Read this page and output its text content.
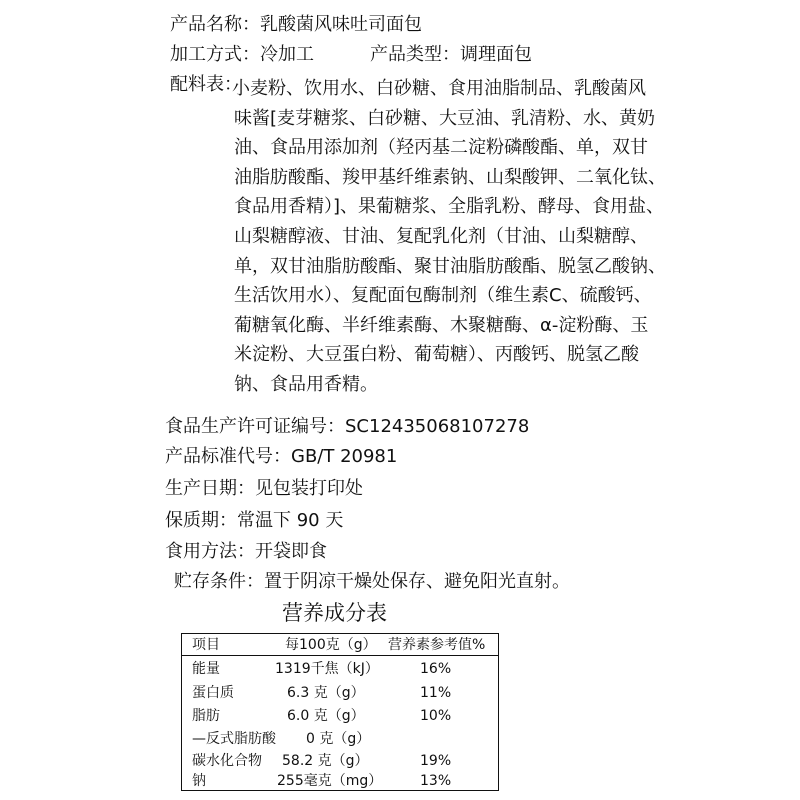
产品名称：乳酸菌风味吐司面包
加工方式：冷加工	产品类型：调理面包
配料表：
小麦粉、饮用水、白砂糖、食用油脂制品、乳酸菌风
味酱[麦芽糖浆、白砂糖、大豆油、乳清粉、水、黄奶
油、食品用添加剂（羟丙基二淀粉磷酸酯、单，双甘
油脂肪酸酯、羧甲基纤维素钠、山梨酸钾、二氧化钛、
食品用香精）]、果葡糖浆、全脂乳粉、酵母、食用盐、
山梨糖醇液、甘油、复配乳化剂（甘油、山梨糖醇、
单，双甘油脂肪酸酯、聚甘油脂肪酸酯、脱氢乙酸钠、
生活饮用水）、复配面包酶制剂（维生素C、硫酸钙、
葡糖氧化酶、半纤维素酶、木聚糖酶、α-淀粉酶、玉
米淀粉、大豆蛋白粉、葡萄糖）、丙酸钙、脱氢乙酸
钠、食品用香精。
食品生产许可证编号：SC12435068107278
产品标准代号：GB/T 20981
生产日期：见包装打印处
保质期：常温下 90 天
食用方法：开袋即食
贮存条件：置于阴凉干燥处保存、避免阳光直射。
营养成分表
项目	每100克（g） 营养素参考值%
能量	1319千焦（kJ）	16%
蛋白质	6.3 克（g）	11%
脂肪	6.0 克（g）	10%
—反式脂肪酸 0 克（g）
碳水化合物 58.2 克（g）	19%
钠	255毫克（mg）	13%
